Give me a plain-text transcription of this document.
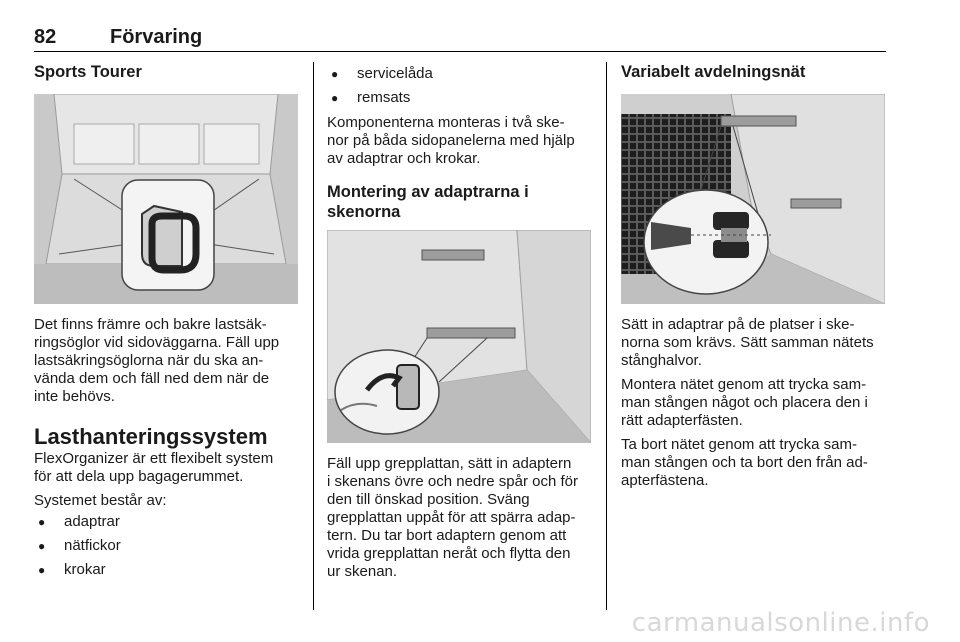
82	Förvaring
Sports Tourer

Det finns främre och bakre lastsäk-
ringsöglor vid sidoväggarna. Fäll upp
lastsäkringsöglorna när du ska an-
vända dem och fäll ned dem när de
inte behövs.

Lasthanteringssystem

FlexOrganizer är ett flexibelt system
för att dela upp bagagerummet.

Systemet består av:

● adaptrar
● nätfickor
● krokar
● servicelåda
● remsats

Komponenterna monteras i två ske-
nor på båda sidopanelerna med hjälp
av adaptrar och krokar.

Montering av adaptrarna i
skenorna

Fäll upp grepplattan, sätt in adaptern
i skenans övre och nedre spår och för
den till önskad position. Sväng
grepplattan uppåt för att spärra adap-
tern. Du tar bort adaptern genom att
vrida grepplattan neråt och flytta den
ur skenan.

Variabelt avdelningsnät

Sätt in adaptrar på de platser i ske-
norna som krävs. Sätt samman nätets
stånghalvor.

Montera nätet genom att trycka sam-
man stången något och placera den i
rätt adapterfästen.

Ta bort nätet genom att trycka sam-
man stången och ta bort den från ad-
apterfästena.

carmanualsonline.info
